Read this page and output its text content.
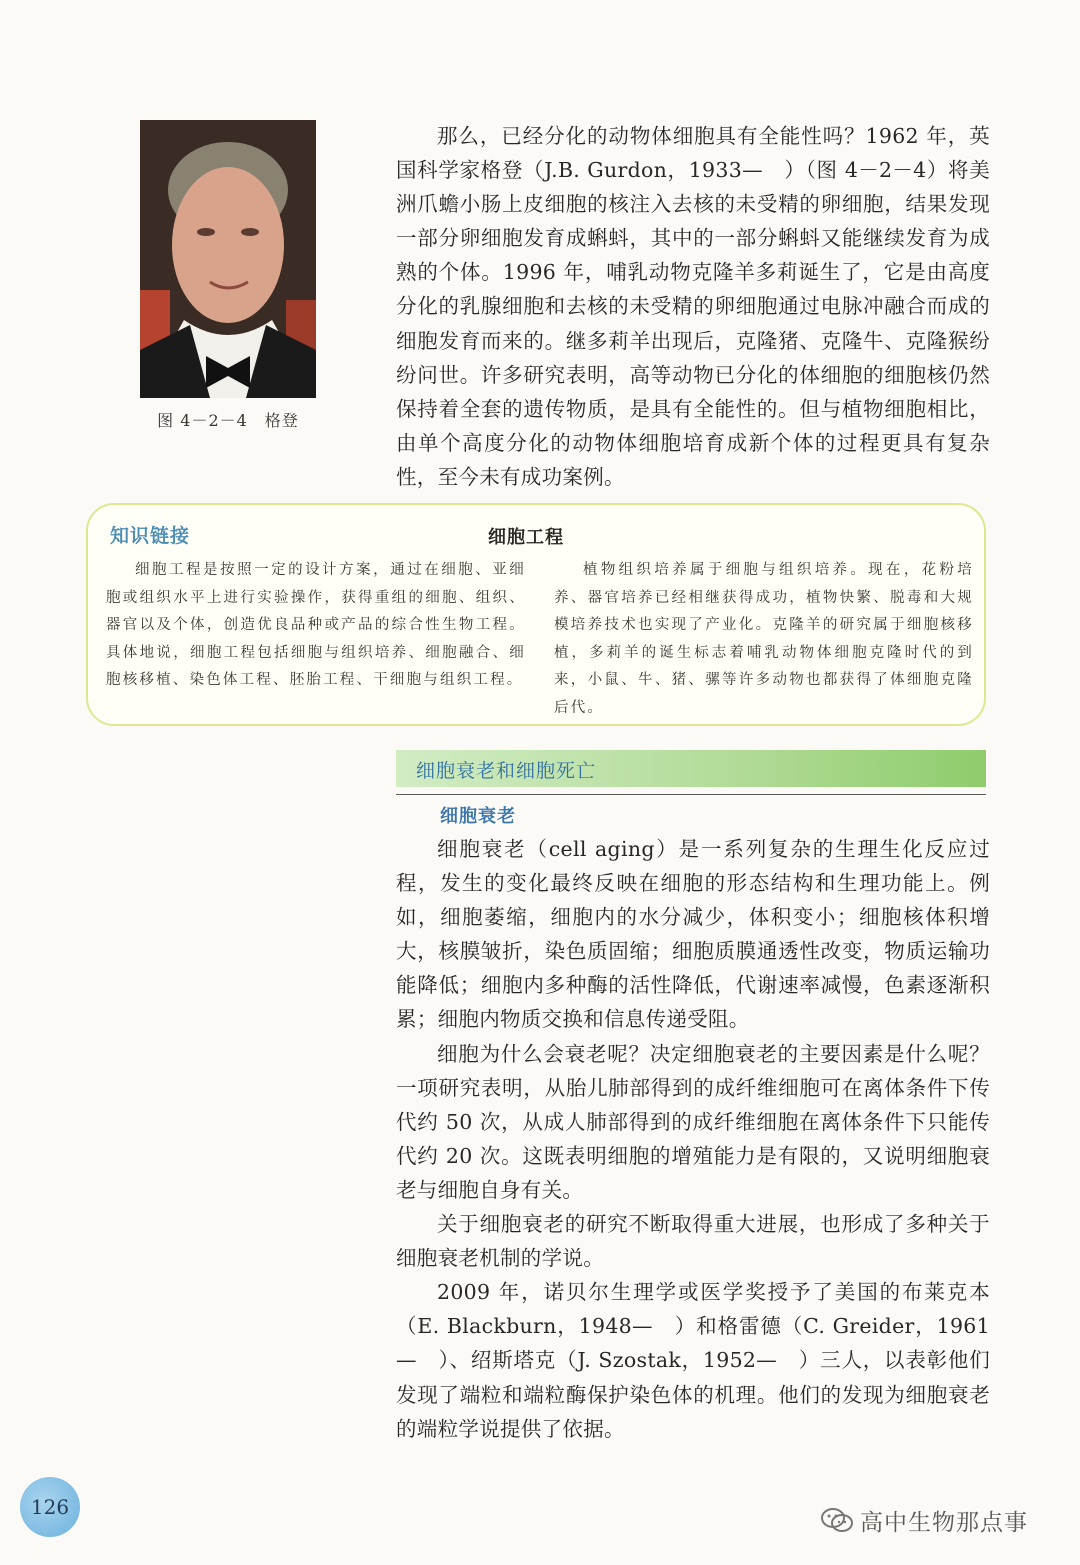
图 4－2－4　格登

那么，已经分化的动物体细胞具有全能性吗？1962 年，英国科学家格登（J.B. Gurdon，1933—　）（图 4－2－4）将美洲爪蟾小肠上皮细胞的核注入去核的未受精的卵细胞，结果发现一部分卵细胞发育成蝌蚪，其中的一部分蝌蚪又能继续发育为成熟的个体。1996 年，哺乳动物克隆羊多莉诞生了，它是由高度分化的乳腺细胞和去核的未受精的卵细胞通过电脉冲融合而成的细胞发育而来的。继多莉羊出现后，克隆猪、克隆牛、克隆猴纷纷问世。许多研究表明，高等动物已分化的体细胞的细胞核仍然保持着全套的遗传物质，是具有全能性的。但与植物细胞相比，由单个高度分化的动物体细胞培育成新个体的过程更具有复杂性，至今未有成功案例。

知识链接	细胞工程

细胞工程是按照一定的设计方案，通过在细胞、亚细胞或组织水平上进行实验操作，获得重组的细胞、组织、器官以及个体，创造优良品种或产品的综合性生物工程。具体地说，细胞工程包括细胞与组织培养、细胞融合、细胞核移植、染色体工程、胚胎工程、干细胞与组织工程。

植物组织培养属于细胞与组织培养。现在，花粉培养、器官培养已经相继获得成功，植物快繁、脱毒和大规模培养技术也实现了产业化。克隆羊的研究属于细胞核移植，多莉羊的诞生标志着哺乳动物体细胞克隆时代的到来，小鼠、牛、猪、骡等许多动物也都获得了体细胞克隆后代。

细胞衰老和细胞死亡
细胞衰老

细胞衰老（cell aging）是一系列复杂的生理生化反应过程，发生的变化最终反映在细胞的形态结构和生理功能上。例如，细胞萎缩，细胞内的水分减少，体积变小；细胞核体积增大，核膜皱折，染色质固缩；细胞质膜通透性改变，物质运输功能降低；细胞内多种酶的活性降低，代谢速率减慢，色素逐渐积累；细胞内物质交换和信息传递受阻。

细胞为什么会衰老呢？决定细胞衰老的主要因素是什么呢？一项研究表明，从胎儿肺部得到的成纤维细胞可在离体条件下传代约 50 次，从成人肺部得到的成纤维细胞在离体条件下只能传代约 20 次。这既表明细胞的增殖能力是有限的，又说明细胞衰老与细胞自身有关。

关于细胞衰老的研究不断取得重大进展，也形成了多种关于细胞衰老机制的学说。

2009 年，诺贝尔生理学或医学奖授予了美国的布莱克本（E. Blackburn，1948—　）和格雷德（C. Greider，1961—　）、绍斯塔克（J. Szostak，1952—　）三人，以表彰他们发现了端粒和端粒酶保护染色体的机理。他们的发现为细胞衰老的端粒学说提供了依据。

126
高中生物那点事
